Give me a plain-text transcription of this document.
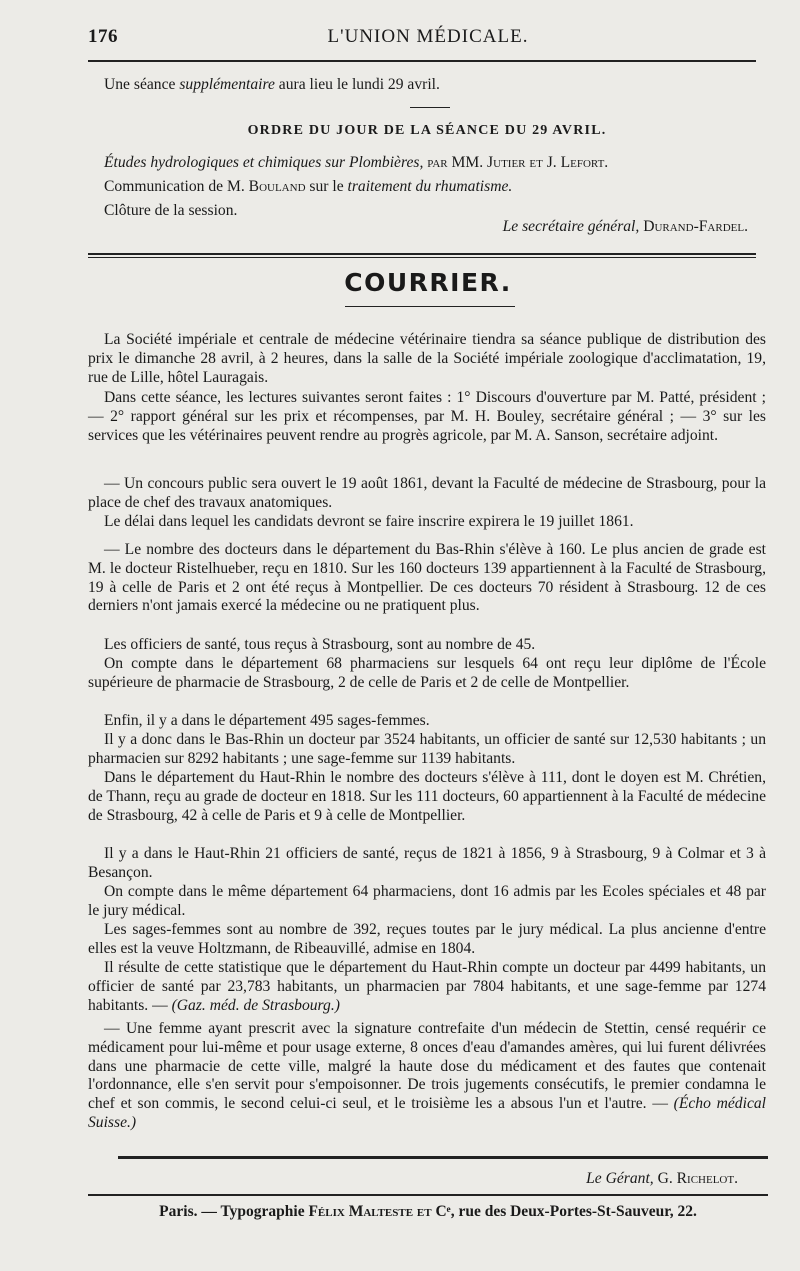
176	L'UNION MÉDICALE.
Une séance supplémentaire aura lieu le lundi 29 avril.
ORDRE DU JOUR DE LA SÉANCE DU 29 AVRIL.
Études hydrologiques et chimiques sur Plombières, par MM. Jutier et J. Lefort.
Communication de M. Bouland sur le traitement du rhumatisme.
Clôture de la session.
Le secrétaire général, Durand-Fardel.
COURRIER.
La Société impériale et centrale de médecine vétérinaire tiendra sa séance publique de distribution des prix le dimanche 28 avril, à 2 heures, dans la salle de la Société impériale zoologique d'acclimatation, 19, rue de Lille, hôtel Lauragais.
Dans cette séance, les lectures suivantes seront faites : 1° Discours d'ouverture par M. Patté, président ; — 2° rapport général sur les prix et récompenses, par M. H. Bouley, secrétaire général ; — 3° sur les services que les vétérinaires peuvent rendre au progrès agricole, par M. A. Sanson, secrétaire adjoint.
— Un concours public sera ouvert le 19 août 1861, devant la Faculté de médecine de Strasbourg, pour la place de chef des travaux anatomiques.
Le délai dans lequel les candidats devront se faire inscrire expirera le 19 juillet 1861.
— Le nombre des docteurs dans le département du Bas-Rhin s'élève à 160. Le plus ancien de grade est M. le docteur Ristelhueber, reçu en 1810. Sur les 160 docteurs 139 appartiennent à la Faculté de Strasbourg, 19 à celle de Paris et 2 ont été reçus à Montpellier. De ces docteurs 70 résident à Strasbourg. 12 de ces derniers n'ont jamais exercé la médecine ou ne pratiquent plus.
Les officiers de santé, tous reçus à Strasbourg, sont au nombre de 45.
On compte dans le département 68 pharmaciens sur lesquels 64 ont reçu leur diplôme de l'École supérieure de pharmacie de Strasbourg, 2 de celle de Paris et 2 de celle de Montpellier.
Enfin, il y a dans le département 495 sages-femmes.
Il y a donc dans le Bas-Rhin un docteur par 3524 habitants, un officier de santé sur 12,530 habitants ; un pharmacien sur 8292 habitants ; une sage-femme sur 1139 habitants.
Dans le département du Haut-Rhin le nombre des docteurs s'élève à 111, dont le doyen est M. Chrétien, de Thann, reçu au grade de docteur en 1818. Sur les 111 docteurs, 60 appartiennent à la Faculté de médecine de Strasbourg, 42 à celle de Paris et 9 à celle de Montpellier.
Il y a dans le Haut-Rhin 21 officiers de santé, reçus de 1821 à 1856, 9 à Strasbourg, 9 à Colmar et 3 à Besançon.
On compte dans le même département 64 pharmaciens, dont 16 admis par les Ecoles spéciales et 48 par le jury médical.
Les sages-femmes sont au nombre de 392, reçues toutes par le jury médical. La plus ancienne d'entre elles est la veuve Holtzmann, de Ribeauvillé, admise en 1804.
Il résulte de cette statistique que le département du Haut-Rhin compte un docteur par 4499 habitants, un officier de santé par 23,783 habitants, un pharmacien par 7804 habitants, et une sage-femme par 1274 habitants. — (Gaz. méd. de Strasbourg.)
— Une femme ayant prescrit avec la signature contrefaite d'un médecin de Stettin, censé requérir ce médicament pour lui-même et pour usage externe, 8 onces d'eau d'amandes amères, qui lui furent délivrées dans une pharmacie de cette ville, malgré la haute dose du médicament et des fautes que contenait l'ordonnance, elle s'en servit pour s'empoisonner. De trois jugements consécutifs, le premier condamna le chef et son commis, le second celui-ci seul, et le troisième les a absous l'un et l'autre. — (Écho médical Suisse.)
Le Gérant, G. Richelot.
Paris. — Typographie Félix Malteste et Cᵉ, rue des Deux-Portes-St-Sauveur, 22.
